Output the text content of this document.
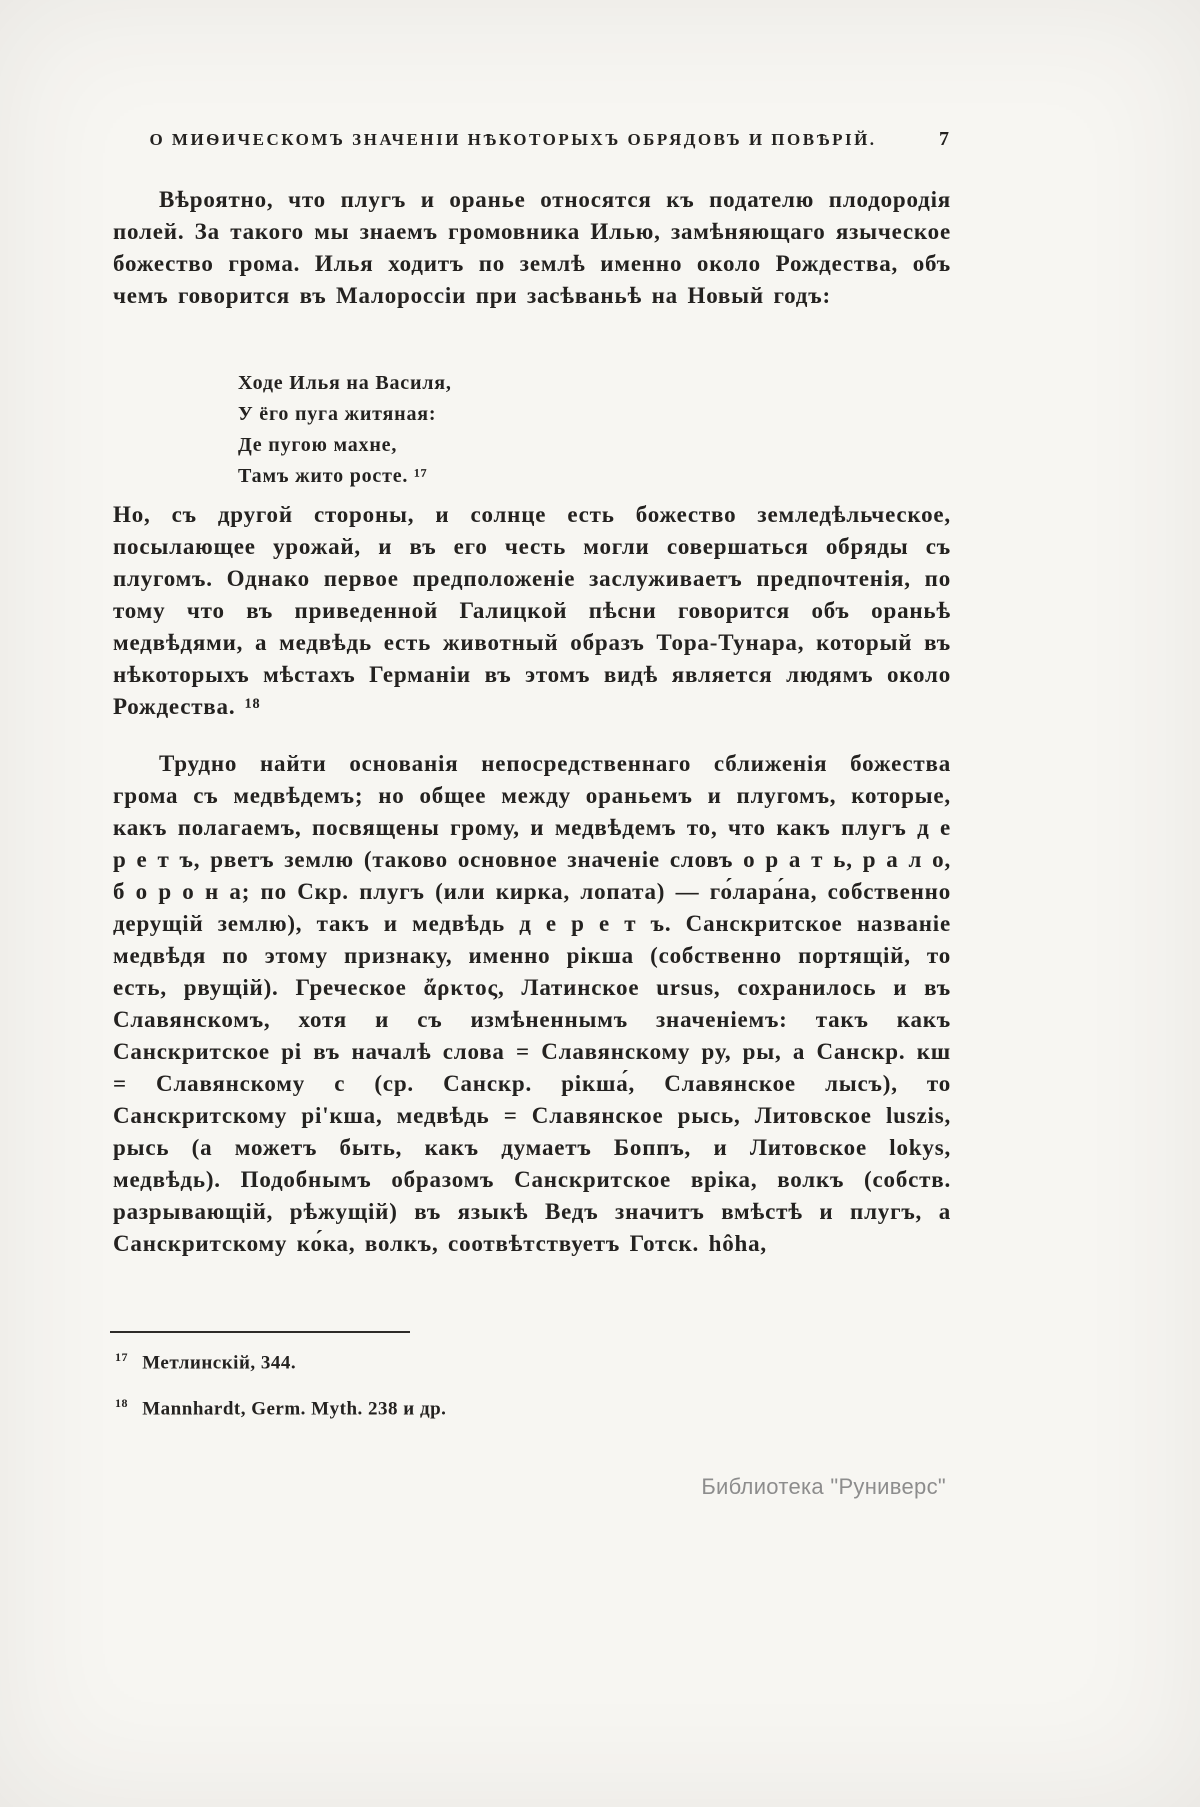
О МИѲИЧЕСКОМЪ ЗНАЧЕНІИ НѢКОТОРЫХЪ ОБРЯДОВЪ И ПОВѢРІЙ.	7

Вѣроятно, что плугъ и оранье относятся къ подателю плодородія полей. За такого мы знаемъ громовника Илью, замѣняющаго языческое божество грома. Илья ходитъ по землѣ именно около Рождества, объ чемъ говорится въ Малороссіи при засѣваньѣ на Новый годъ:

Ходе Илья на Василя,
У ёго пуга житяная:
Де пугою махне,
Тамъ жито росте. ¹⁷

Но, съ другой стороны, и солнце есть божество земледѣльческое, посылающее урожай, и въ его честь могли совершаться обряды съ плугомъ. Однако первое предположеніе заслуживаетъ предпочтенія, по тому что въ приведенной Галицкой пѣсни говорится объ ораньѣ медвѣдями, а медвѣдь есть животный образъ Тора-Тунара, который въ нѣкоторыхъ мѣстахъ Германіи въ этомъ видѣ является людямъ около Рождества. ¹⁸

Трудно найти основанія непосредственнаго сближенія божества грома съ медвѣдемъ; но общее между ораньемъ и плугомъ, которые, какъ полагаемъ, посвящены грому, и медвѣдемъ то, что какъ плугъ д е р е т ъ, рветъ землю (таково основное значеніе словъ о р а т ь, р а л о, б о р о н а; по Скр. плугъ (или кирка, лопата) — го́лара́на, собственно дерущій землю), такъ и медвѣдь д е р е т ъ. Санскритское названіе медвѣдя по этому признаку, именно рікша (собственно портящій, то есть, рвущій). Греческое ἄρκτος, Латинское ursus, сохранилось и въ Славянскомъ, хотя и съ измѣненнымъ значеніемъ: такъ какъ Санскритское рі въ началѣ слова = Славянскому ру, ры, а Санскр. кш = Славянскому с (ср. Санскр. рікша́, Славянское лысъ), то Санскритскому рі'кша, медвѣдь = Славянское рысь, Литовское luszis, рысь (а можетъ быть, какъ думаетъ Боппъ, и Литовское lokys, медвѣдь). Подобнымъ образомъ Санскритское вріка, волкъ (собств. разрывающій, рѣжущій) въ языкѣ Ведъ значитъ вмѣстѣ и плугъ, а Санскритскому ко́ка, волкъ, соотвѣтствуетъ Готск. hôha,

$^{17}$ Метлинскій, 344.
$^{18}$ Mannhardt, Germ. Myth. 238 и др.
Библиотека "Руниверс"
